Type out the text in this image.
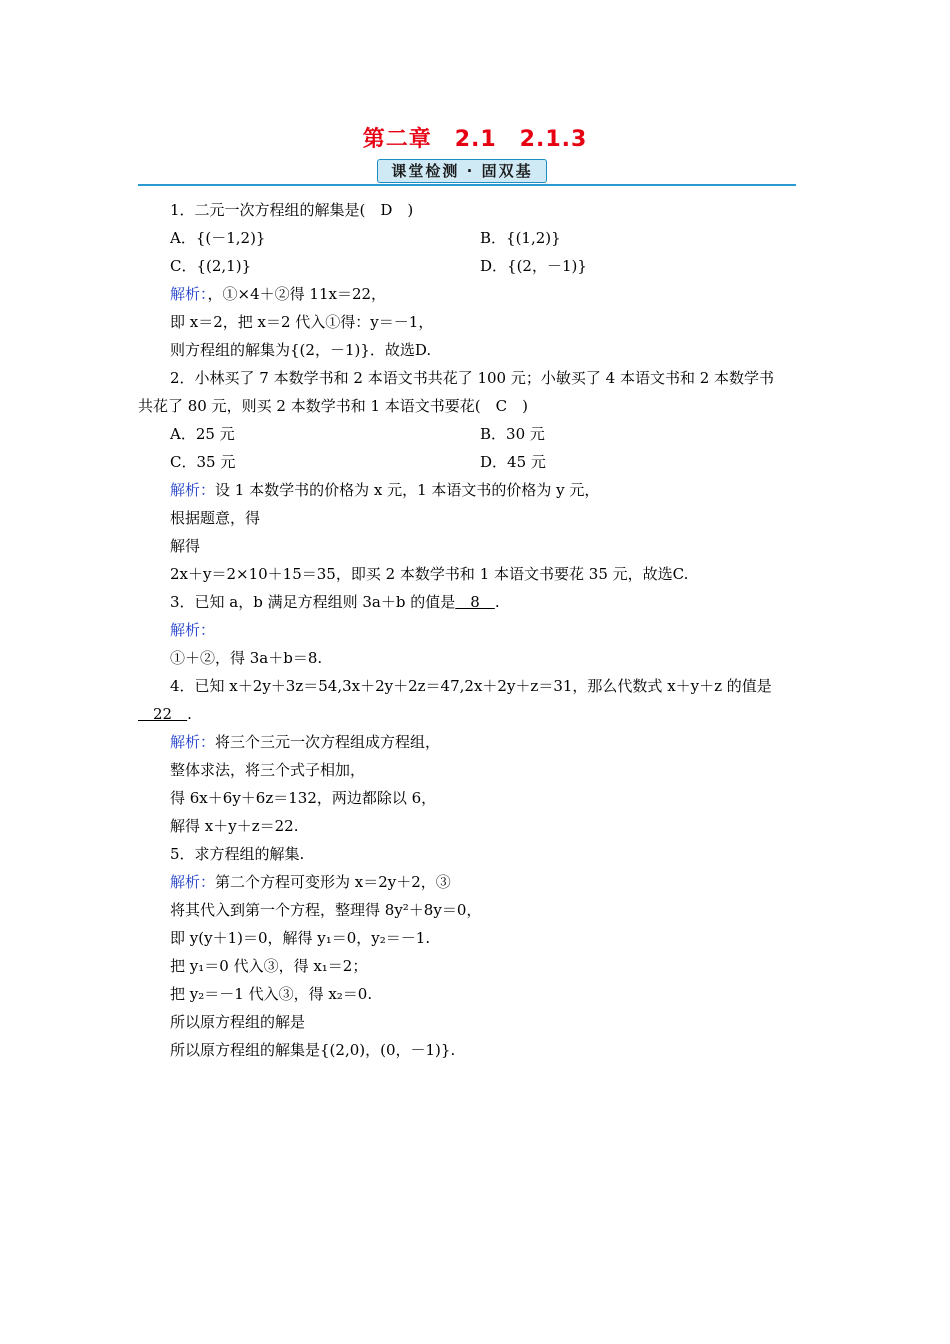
第二章　2.1　2.1.3
课堂检测 · 固双基
1．二元一次方程组的解集是(　D　)
A．{(－1,2)}	B．{(1,2)}
C．{(2,1)}	D．{(2，－1)}
解析：，①×4＋②得 11x＝22，
即 x＝2，把 x＝2 代入①得：y＝－1，
则方程组的解集为{(2，－1)}．故选D.
2．小林买了 7 本数学书和 2 本语文书共花了 100 元；小敏买了 4 本语文书和 2 本数学书
共花了 80 元，则买 2 本数学书和 1 本语文书要花(　C　)
A．25 元	B．30 元
C．35 元	D．45 元
解析：设 1 本数学书的价格为 x 元，1 本语文书的价格为 y 元，
根据题意，得
解得
2x＋y＝2×10＋15＝35，即买 2 本数学书和 1 本语文书要花 35 元，故选C.
3．已知 a，b 满足方程组则 3a＋b 的值是　8　.
解析：
①＋②，得 3a＋b＝8.
4．已知 x＋2y＋3z＝54,3x＋2y＋2z＝47,2x＋2y＋z＝31，那么代数式 x＋y＋z 的值是
　22　.
解析：将三个三元一次方程组成方程组，
整体求法，将三个式子相加，
得 6x＋6y＋6z＝132，两边都除以 6，
解得 x＋y＋z＝22.
5．求方程组的解集.
解析：第二个方程可变形为 x＝2y＋2，③
将其代入到第一个方程，整理得 8y²＋8y＝0，
即 y(y＋1)＝0，解得 y₁＝0，y₂＝－1.
把 y₁＝0 代入③，得 x₁＝2；
把 y₂＝－1 代入③，得 x₂＝0.
所以原方程组的解是
所以原方程组的解集是{(2,0)，(0，－1)}.
